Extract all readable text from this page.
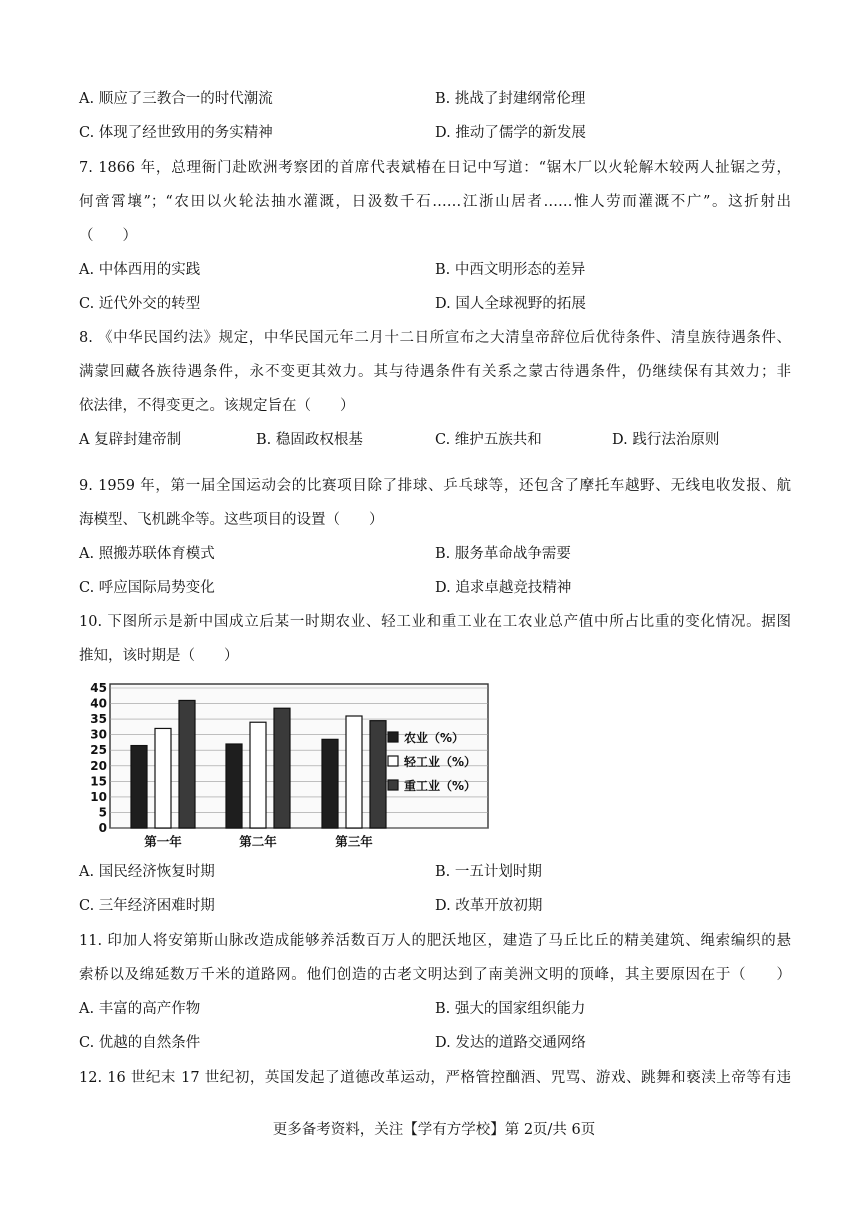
A. 顺应了三教合一的时代潮流	B. 挑战了封建纲常伦理
C. 体现了经世致用的务实精神	D. 推动了儒学的新发展
7. 1866 年，总理衙门赴欧洲考察团的首席代表斌椿在日记中写道：“锯木厂以火轮解木较两人扯锯之劳，
何啻霄壤”；“农田以火轮法抽水灌溉，日汲数千石……江浙山居者……惟人劳而灌溉不广”。这折射出
（　　）
A. 中体西用的实践	B. 中西文明形态的差异
C. 近代外交的转型	D. 国人全球视野的拓展
8. 《中华民国约法》规定，中华民国元年二月十二日所宣布之大清皇帝辞位后优待条件、清皇族待遇条件、
满蒙回藏各族待遇条件，永不变更其效力。其与待遇条件有关系之蒙古待遇条件，仍继续保有其效力；非
依法律，不得变更之。该规定旨在（　　）
A 复辟封建帝制	B. 稳固政权根基	C. 维护五族共和	D. 践行法治原则
9. 1959 年，第一届全国运动会的比赛项目除了排球、乒乓球等，还包含了摩托车越野、无线电收发报、航
海模型、飞机跳伞等。这些项目的设置（　　）
A. 照搬苏联体育模式	B. 服务革命战争需要
C. 呼应国际局势变化	D. 追求卓越竞技精神
10. 下图所示是新中国成立后某一时期农业、轻工业和重工业在工农业总产值中所占比重的变化情况。据图
推知，该时期是（　　）
0
5
10
15
20
25
30
35
40
45
第一年	第二年	第三年
农业（%）
轻工业（%）
重工业（%）
A. 国民经济恢复时期	B. 一五计划时期
C. 三年经济困难时期	D. 改革开放初期
11. 印加人将安第斯山脉改造成能够养活数百万人的肥沃地区，建造了马丘比丘的精美建筑、绳索编织的悬
索桥以及绵延数万千米的道路网。他们创造的古老文明达到了南美洲文明的顶峰，其主要原因在于（　　）
A. 丰富的高产作物	B. 强大的国家组织能力
C. 优越的自然条件	D. 发达的道路交通网络
12. 16 世纪末 17 世纪初，英国发起了道德改革运动，严格管控酗酒、咒骂、游戏、跳舞和亵渎上帝等有违
更多备考资料，关注【学有方学校】第 2页/共 6页
